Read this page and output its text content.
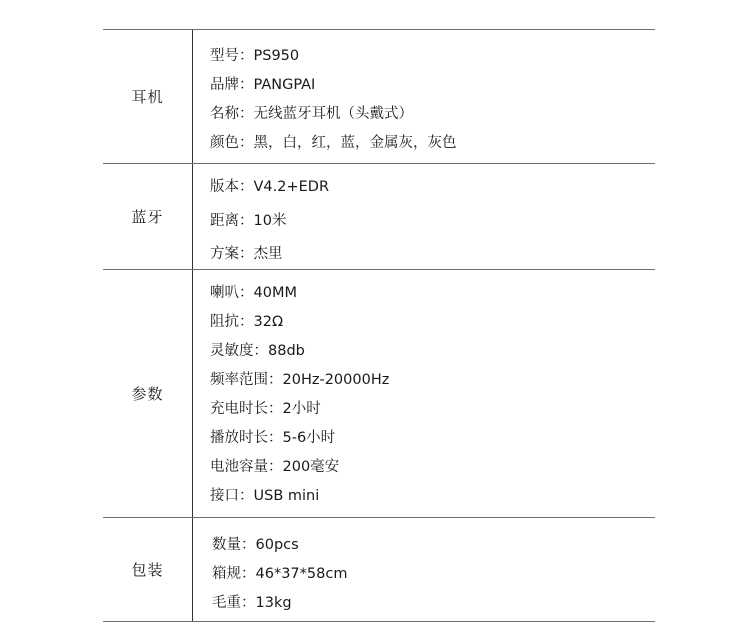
耳机
型号：PS950
品牌：PANGPAI
名称：无线蓝牙耳机（头戴式）
颜色：黑，白，红，蓝，金属灰，灰色
蓝牙
版本：V4.2+EDR
距离：10米
方案：杰里
参数
喇叭：40MM
阻抗：32Ω
灵敏度：88db
频率范围：20Hz-20000Hz
充电时长：2小时
播放时长：5-6小时
电池容量：200毫安
接口：USB mini
包装
数量：60pcs
箱规：46*37*58cm
毛重：13kg
